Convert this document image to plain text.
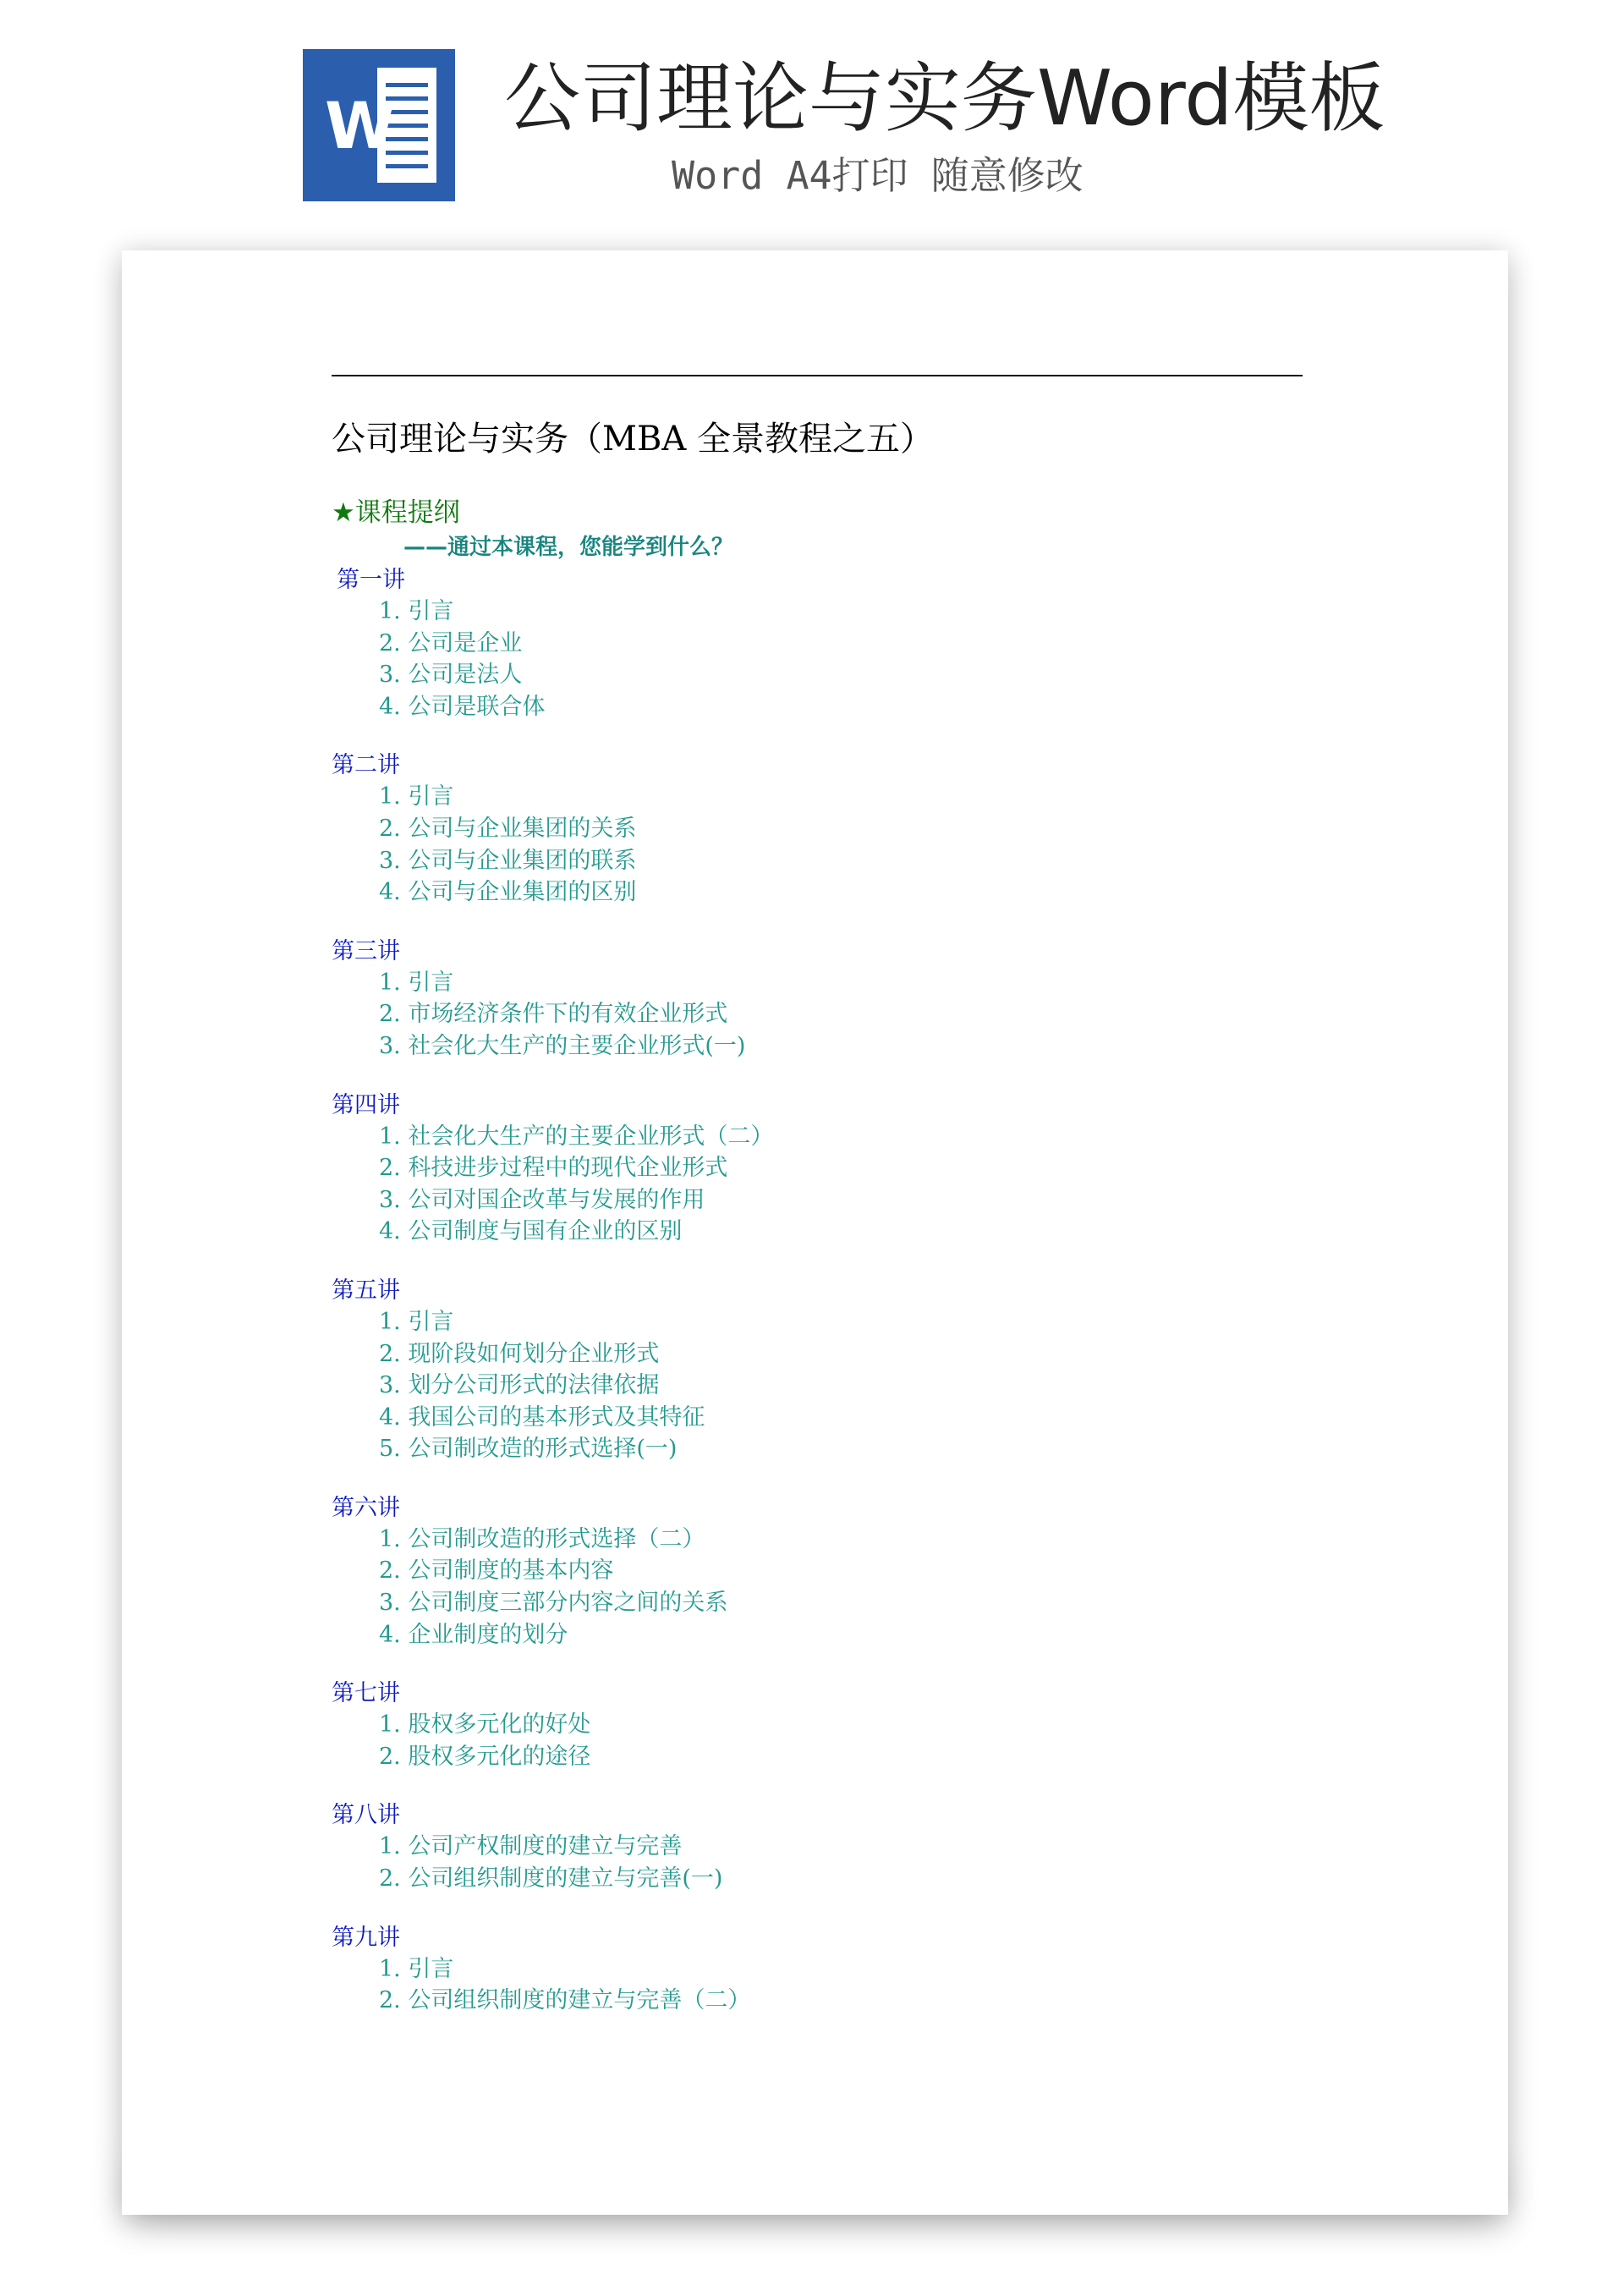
W 公司理论与实务Word模板
Word A4打印 随意修改
公司理论与实务（MBA 全景教程之五）
★课程提纲
——通过本课程，您能学到什么？
第一讲
1. 引言
2. 公司是企业
3. 公司是法人
4. 公司是联合体
第二讲
1. 引言
2. 公司与企业集团的关系
3. 公司与企业集团的联系
4. 公司与企业集团的区别
第三讲
1. 引言
2. 市场经济条件下的有效企业形式
3. 社会化大生产的主要企业形式(一)
第四讲
1. 社会化大生产的主要企业形式（二）
2. 科技进步过程中的现代企业形式
3. 公司对国企改革与发展的作用
4. 公司制度与国有企业的区别
第五讲
1. 引言
2. 现阶段如何划分企业形式
3. 划分公司形式的法律依据
4. 我国公司的基本形式及其特征
5. 公司制改造的形式选择(一)
第六讲
1. 公司制改造的形式选择（二）
2. 公司制度的基本内容
3. 公司制度三部分内容之间的关系
4. 企业制度的划分
第七讲
1. 股权多元化的好处
2. 股权多元化的途径
第八讲
1. 公司产权制度的建立与完善
2. 公司组织制度的建立与完善(一)
第九讲
1. 引言
2. 公司组织制度的建立与完善（二）
